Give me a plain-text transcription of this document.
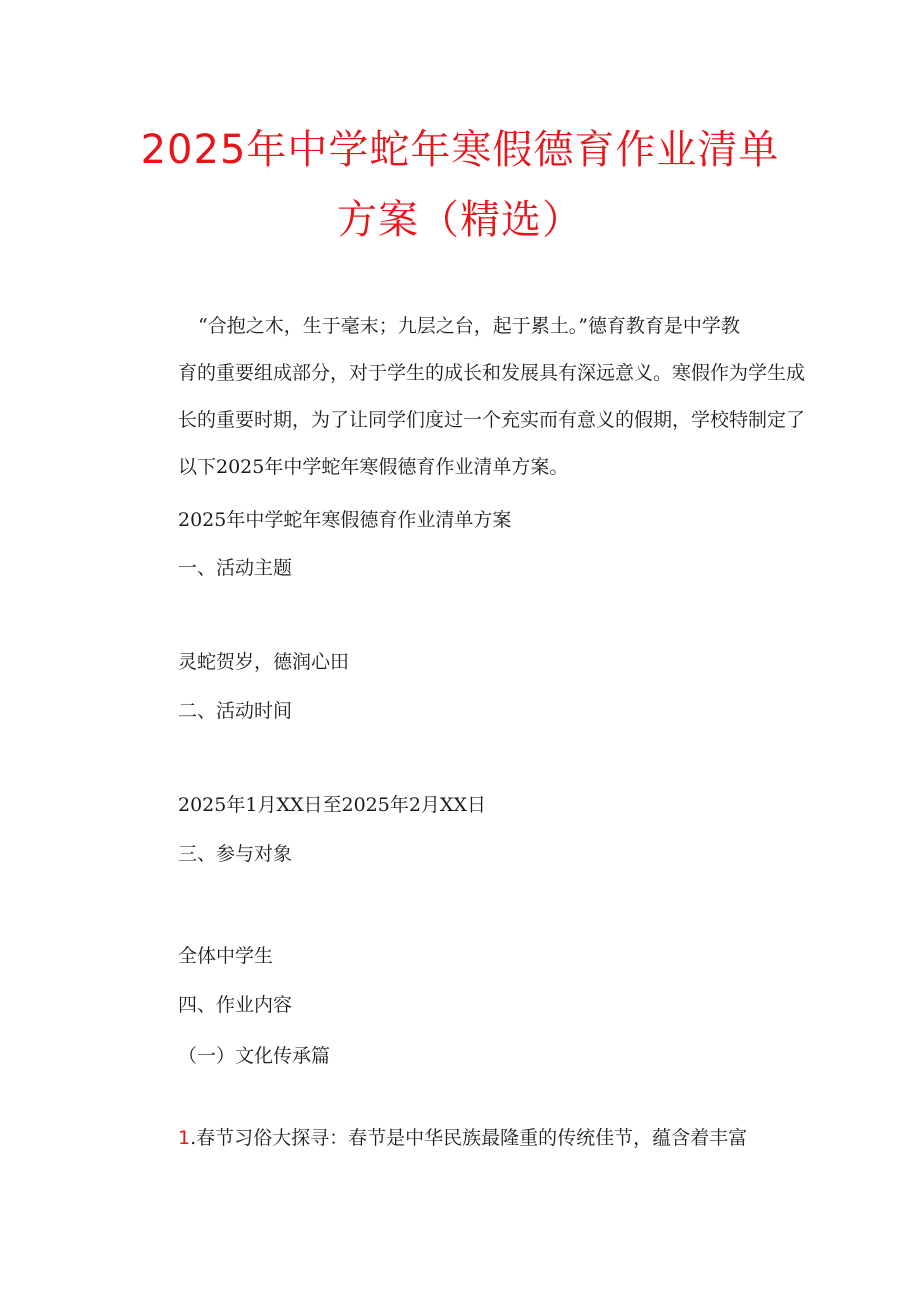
2025年中学蛇年寒假德育作业清单
方案（精选）
“合抱之木，生于毫末；九层之台，起于累土。”德育教育是中学教
育的重要组成部分，对于学生的成长和发展具有深远意义。寒假作为学生成
长的重要时期，为了让同学们度过一个充实而有意义的假期，学校特制定了
以下2025年中学蛇年寒假德育作业清单方案。
2025年中学蛇年寒假德育作业清单方案
一、活动主题
灵蛇贺岁，德润心田
二、活动时间
2025年1月XX日至2025年2月XX日
三、参与对象
全体中学生
四、作业内容
（一）文化传承篇
1.春节习俗大探寻：春节是中华民族最隆重的传统佳节，蕴含着丰富
